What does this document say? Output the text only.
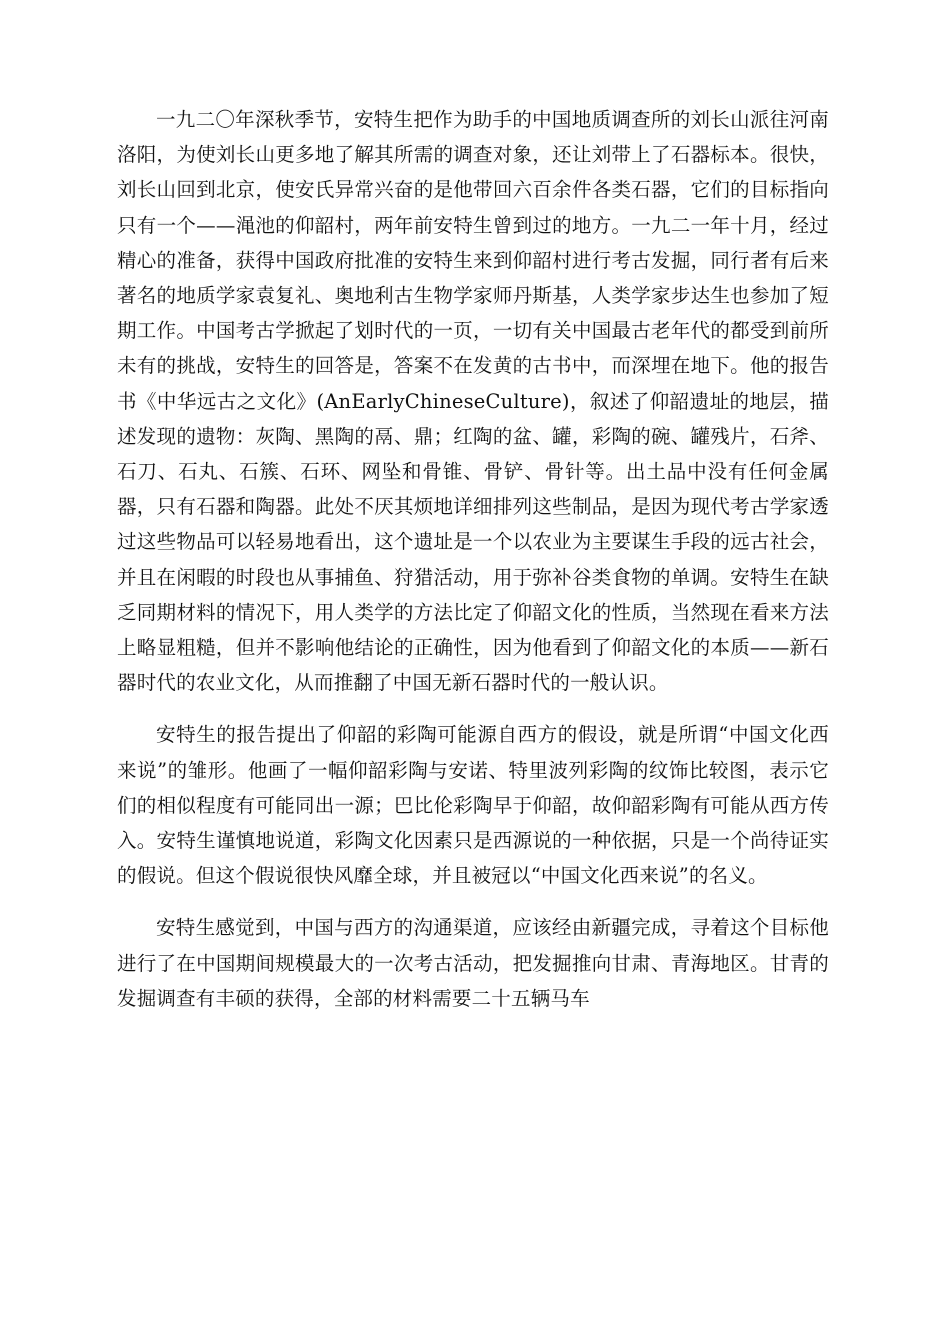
一九二〇年深秋季节，安特生把作为助手的中国地质调查所的刘长山派往河南洛阳，为使刘长山更多地了解其所需的调查对象，还让刘带上了石器标本。很快，刘长山回到北京，使安氏异常兴奋的是他带回六百余件各类石器，它们的目标指向只有一个——渑池的仰韶村，两年前安特生曾到过的地方。一九二一年十月，经过精心的准备，获得中国政府批准的安特生来到仰韶村进行考古发掘，同行者有后来著名的地质学家袁复礼、奥地利古生物学家师丹斯基，人类学家步达生也参加了短期工作。中国考古学掀起了划时代的一页，一切有关中国最古老年代的都受到前所未有的挑战，安特生的回答是，答案不在发黄的古书中，而深埋在地下。他的报告书《中华远古之文化》(AnEarlyChineseCulture)，叙述了仰韶遗址的地层，描述发现的遗物：灰陶、黑陶的鬲、鼎；红陶的盆、罐，彩陶的碗、罐残片，石斧、石刀、石丸、石簇、石环、网坠和骨锥、骨铲、骨针等。出土品中没有任何金属器，只有石器和陶器。此处不厌其烦地详细排列这些制品，是因为现代考古学家透过这些物品可以轻易地看出，这个遗址是一个以农业为主要谋生手段的远古社会，并且在闲暇的时段也从事捕鱼、狩猎活动，用于弥补谷类食物的单调。安特生在缺乏同期材料的情况下，用人类学的方法比定了仰韶文化的性质，当然现在看来方法上略显粗糙，但并不影响他结论的正确性，因为他看到了仰韶文化的本质——新石器时代的农业文化，从而推翻了中国无新石器时代的一般认识。

安特生的报告提出了仰韶的彩陶可能源自西方的假设，就是所谓“中国文化西来说”的雏形。他画了一幅仰韶彩陶与安诺、特里波列彩陶的纹饰比较图，表示它们的相似程度有可能同出一源；巴比伦彩陶早于仰韶，故仰韶彩陶有可能从西方传入。安特生谨慎地说道，彩陶文化因素只是西源说的一种依据，只是一个尚待证实的假说。但这个假说很快风靡全球，并且被冠以“中国文化西来说”的名义。

安特生感觉到，中国与西方的沟通渠道，应该经由新疆完成，寻着这个目标他进行了在中国期间规模最大的一次考古活动，把发掘推向甘肃、青海地区。甘青的发掘调查有丰硕的获得，全部的材料需要二十五辆马车
